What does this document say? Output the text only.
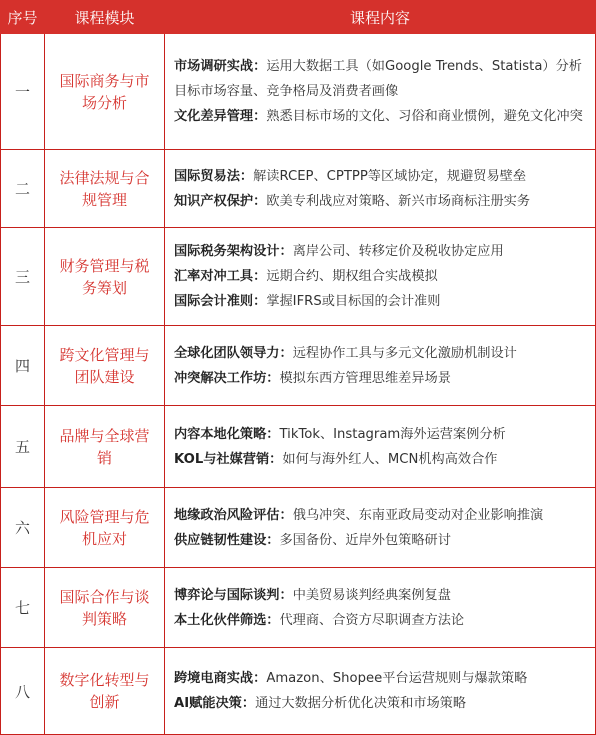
序号	课程模块	课程内容
一	国际商务与市场分析	市场调研实战：运用大数据工具（如Google Trends、Statista）分析目标市场容量、竞争格局及消费者画像
文化差异管理：熟悉目标市场的文化、习俗和商业惯例，避免文化冲突

二	法律法规与合规管理	国际贸易法：解读RCEP、CPTPP等区域协定，规避贸易壁垒
知识产权保护：欧美专利战应对策略、新兴市场商标注册实务

三	财务管理与税务筹划	国际税务架构设计：离岸公司、转移定价及税收协定应用
汇率对冲工具：远期合约、期权组合实战模拟
国际会计准则：掌握IFRS或目标国的会计准则

四	跨文化管理与团队建设	全球化团队领导力：远程协作工具与多元文化激励机制设计
冲突解决工作坊：模拟东西方管理思维差异场景

五	品牌与全球营销	内容本地化策略：TikTok、Instagram海外运营案例分析
KOL与社媒营销：如何与海外红人、MCN机构高效合作

六	风险管理与危机应对	地缘政治风险评估：俄乌冲突、东南亚政局变动对企业影响推演
供应链韧性建设：多国备份、近岸外包策略研讨

七	国际合作与谈判策略	博弈论与国际谈判：中美贸易谈判经典案例复盘
本土化伙伴筛选：代理商、合资方尽职调查方法论

八	数字化转型与创新	跨境电商实战：Amazon、Shopee平台运营规则与爆款策略
AI赋能决策：通过大数据分析优化决策和市场策略
